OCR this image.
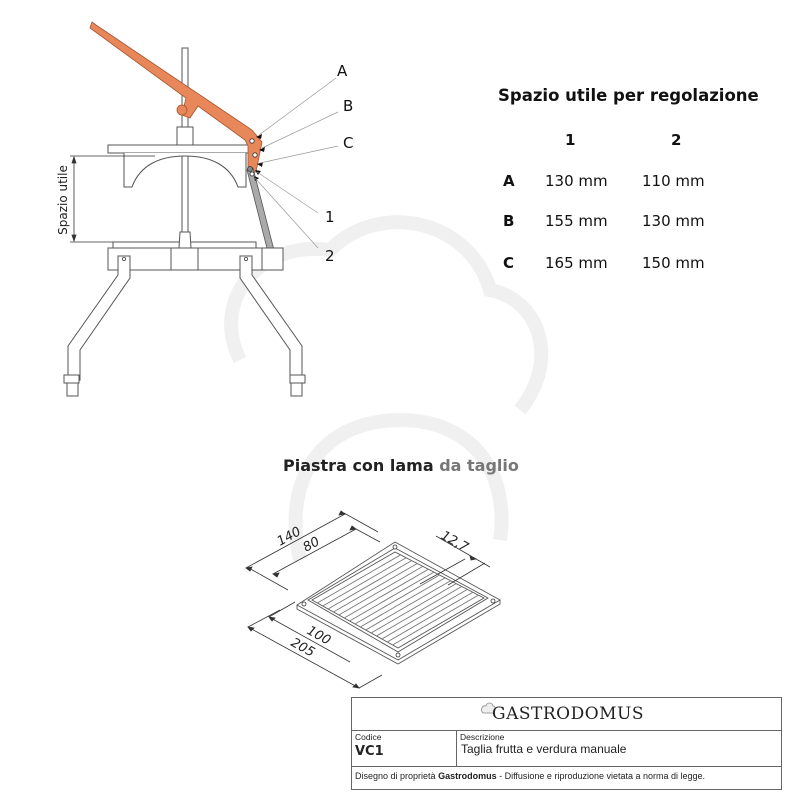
140
80	12,7
100
205
A
B
C
1
2
Spazio utile
Spazio utile per regolazione
1	2
A 130 mm 110 mm
B 155 mm 130 mm
C 165 mm 150 mm
Piastra con lama da taglio
GASTRODOMUS
Codice
VC1
Descrizione
Taglia frutta e verdura manuale
Disegno di proprietà Gastrodomus - Diffusione e riproduzione vietata a norma di legge.
